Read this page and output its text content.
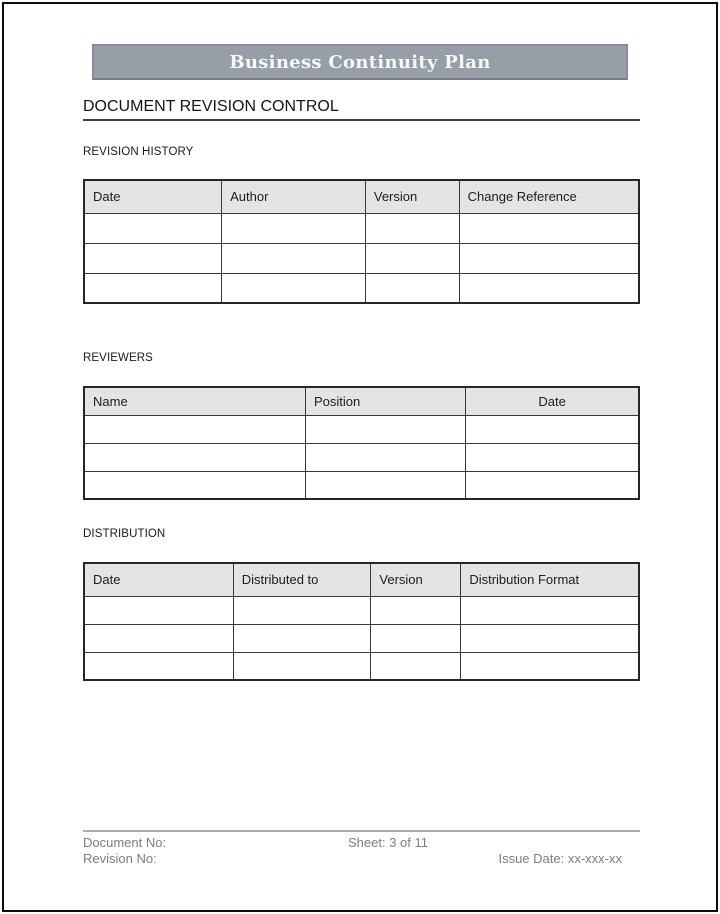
Business Continuity Plan
DOCUMENT REVISION CONTROL
REVISION HISTORY
Date	Author	Version	Change Reference

REVIEWERS
Name	Position	Date

DISTRIBUTION
Date	Distributed to	Version	Distribution Format

Document No:	Sheet: 3 of 11
Revision No:	Issue Date: xx-xxx-xx
